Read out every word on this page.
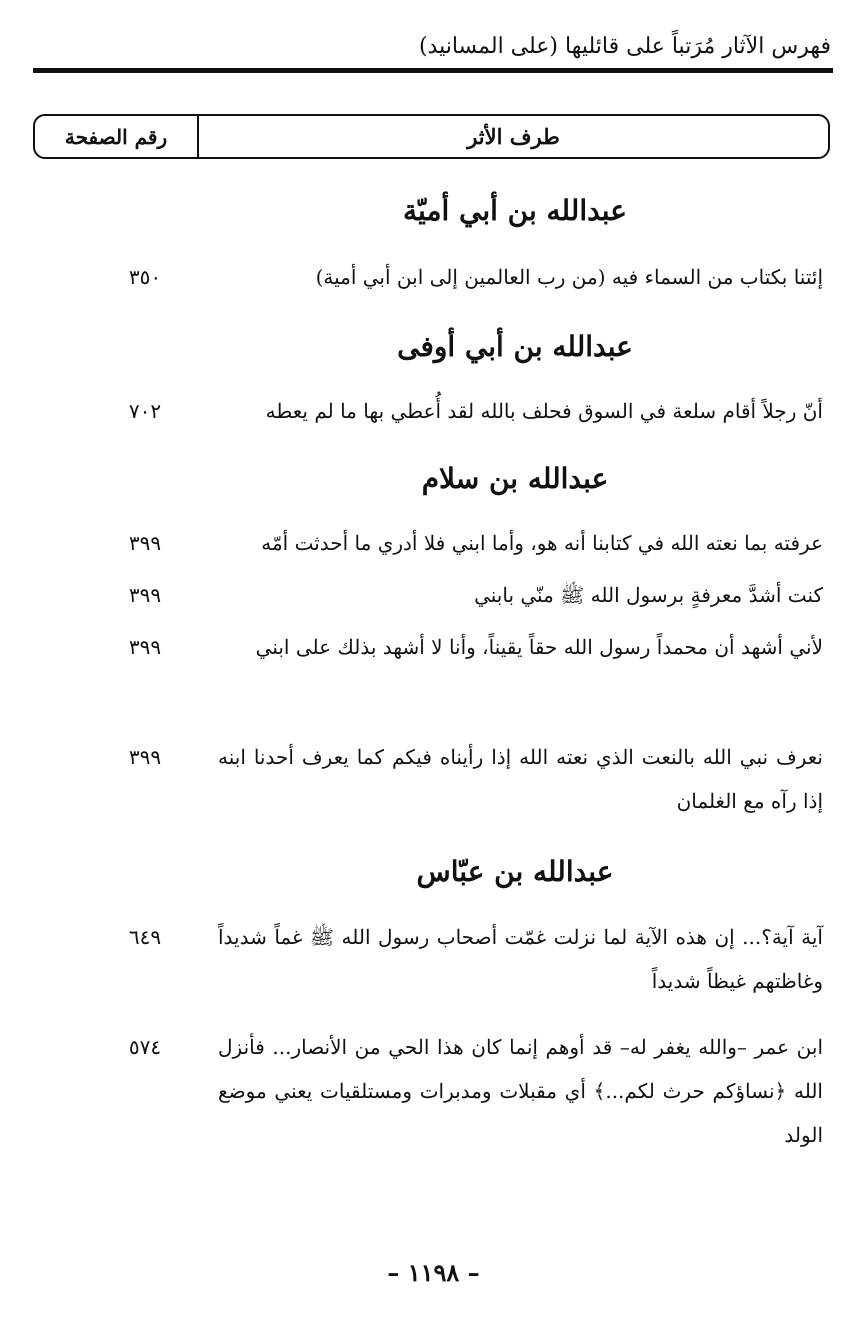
فهرس الآثار مُرَتباً على قائليها (على المسانيد)
رقم الصفحة	طرف الأثر
عبدالله بن أبي أميّة
إئتنا بكتاب من السماء فيه (من رب العالمين إلى ابن أبي أمية)
٣٥٠
عبدالله بن أبي أوفى
أنّ رجلاً أقام سلعة في السوق فحلف بالله لقد أُعطي بها ما لم يعطه
٧٠٢
عبدالله بن سلام
عرفته بما نعته الله في كتابنا أنه هو، وأما ابني فلا أدري ما أحدثت أمّه
٣٩٩
كنت أشدَّ معرفةٍ برسول الله ﷺ منّي بابني
٣٩٩
لأني أشهد أن محمداً رسول الله حقاً يقيناً، وأنا لا أشهد بذلك على ابني
٣٩٩
نعرف نبي الله بالنعت الذي نعته الله إذا رأيناه فيكم كما يعرف أحدنا ابنه إذا رآه مع الغلمان
٣٩٩
عبدالله بن عبّاس
آية آية؟... إن هذه الآية لما نزلت غمّت أصحاب رسول الله ﷺ غماً شديداً وغاظتهم غيظاً شديداً
٦٤٩
ابن عمر –والله يغفر له– قد أوهم إنما كان هذا الحي من الأنصار... فأنزل الله ﴿نساؤكم حرث لكم...﴾ أي مقبلات ومدبرات ومستلقيات يعني موضع الولد
٥٧٤
– ١١٩٨ –
